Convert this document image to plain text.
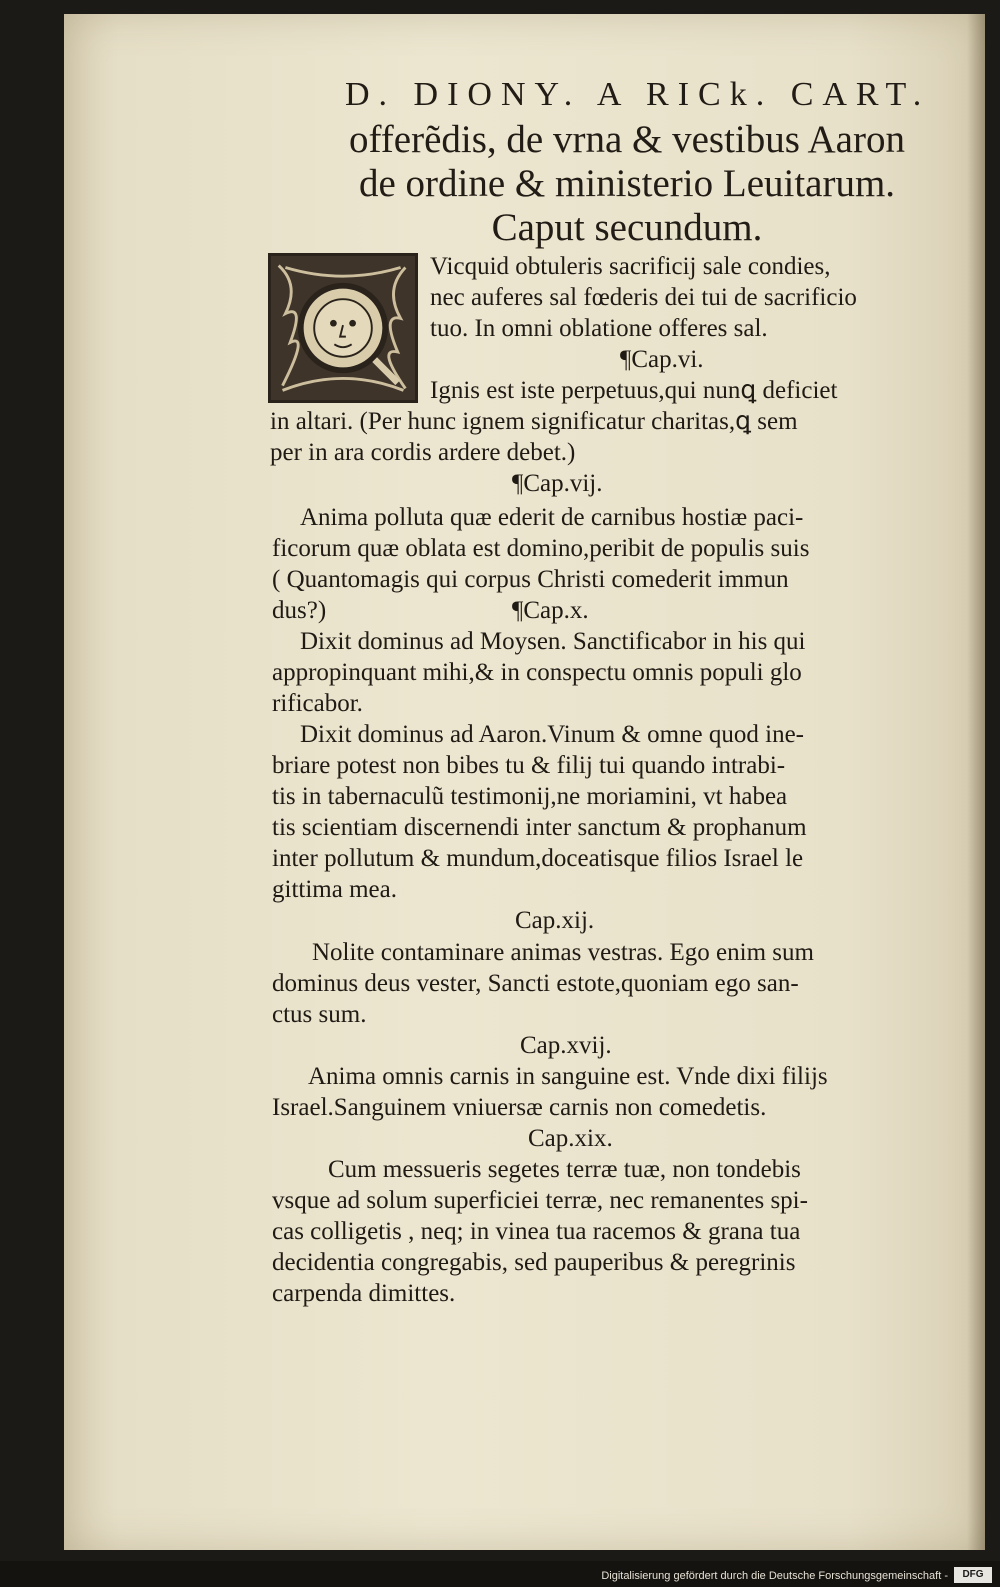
D. DIONY. A RICk. CART.
offerẽdis, de vrna & vestibus Aaron
de ordine & ministerio Leuitarum.
Caput secundum.
Vicquid obtuleris sacrificij sale condies,
nec auferes sal fœderis dei tui de sacrificio
tuo. In omni oblatione offeres sal.
¶Cap.vi.
Ignis est iste perpetuus,qui nunꝗ deficiet
in altari. (Per hunc ignem significatur charitas,ꝗ sem
per in ara cordis ardere debet.)
¶Cap.vij.
Anima polluta quæ ederit de carnibus hostiæ paci-
ficorum quæ oblata est domino,peribit de populis suis
( Quantomagis qui corpus Christi comederit immun
dus?)	¶Cap.x.
Dixit dominus ad Moysen. Sanctificabor in his qui
appropinquant mihi,& in conspectu omnis populi glo
rificabor.
Dixit dominus ad Aaron.Vinum & omne quod ine-
briare potest non bibes tu & filij tui quando intrabi-
tis in tabernaculũ testimonij,ne moriamini, vt habea
tis scientiam discernendi inter sanctum & prophanum
inter pollutum & mundum,doceatisque filios Israel le
gittima mea.
Cap.xij.
Nolite contaminare animas vestras. Ego enim sum
dominus deus vester, Sancti estote,quoniam ego san-
ctus sum.
Cap.xvij.
Anima omnis carnis in sanguine est. Vnde dixi filijs
Israel.Sanguinem vniuersæ carnis non comedetis.
Cap.xix.
Cum messueris segetes terræ tuæ, non tondebis
vsque ad solum superficiei terræ, nec remanentes spi-
cas colligetis , neq; in vinea tua racemos & grana tua
decidentia congregabis, sed pauperibus & peregrinis
carpenda dimittes.
Digitalisierung gefördert durch die Deutsche Forschungsgemeinschaft -	DFG
